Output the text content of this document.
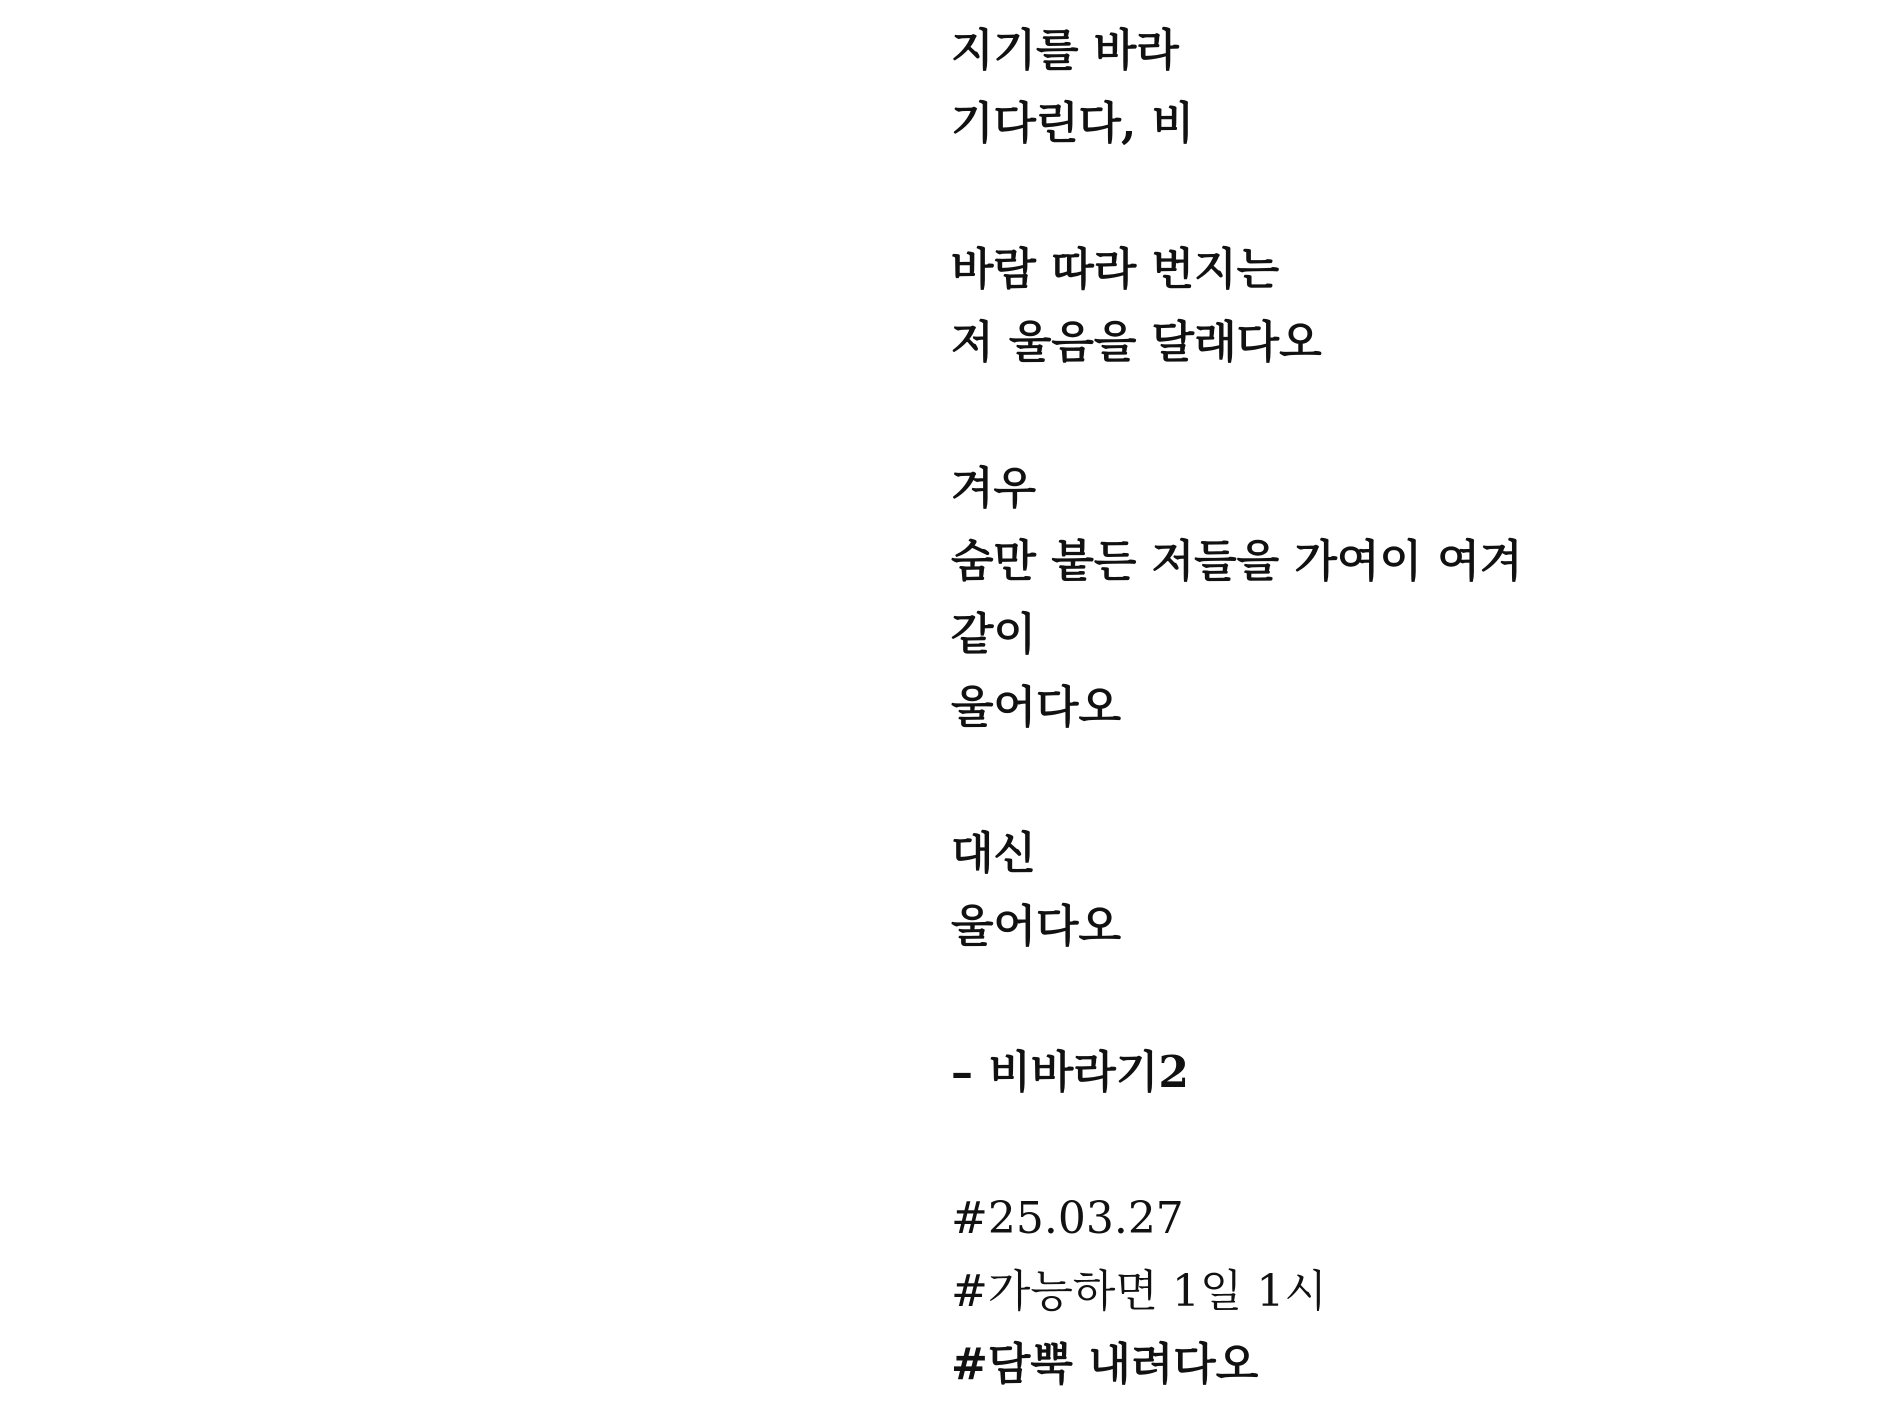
지기를 바라
기다린다, 비
바람 따라 번지는
저 울음을 달래다오
겨우
숨만 붙든 저들을 가여이 여겨
같이
울어다오
대신
울어다오
– 비바라기2
#25.03.27
#가능하면 1일 1시
#담뿍 내려다오
